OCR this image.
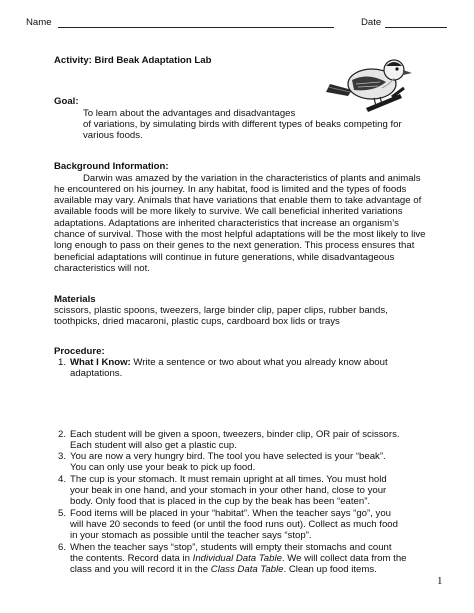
Name	Date
Activity: Bird Beak Adaptation Lab
Goal:
To learn about the advantages and disadvantages
of variations, by simulating birds with different types of beaks competing for
various foods.
Background Information:
Darwin was amazed by the variation in the characteristics of plants and animals
he encountered on his journey. In any habitat, food is limited and the types of foods
available may vary. Animals that have variations that enable them to take advantage of
available foods will be more likely to survive. We call beneficial inherited variations
adaptations. Adaptations are inherited characteristics that increase an organism’s
chance of survival. Those with the most helpful adaptations will be the most likely to live
long enough to pass on their genes to the next generation. This process ensures that
beneficial adaptations will continue in future generations, while disadvantageous
characteristics will not.
Materials
scissors, plastic spoons, tweezers, large binder clip, paper clips, rubber bands,
toothpicks, dried macaroni, plastic cups, cardboard box lids or trays
Procedure:
1. What I Know: Write a sentence or two about what you already know about
adaptations.
2. Each student will be given a spoon, tweezers, binder clip, OR pair of scissors.
Each student will also get a plastic cup.
3. You are now a very hungry bird. The tool you have selected is your “beak”.
You can only use your beak to pick up food.
4. The cup is your stomach. It must remain upright at all times. You must hold
your beak in one hand, and your stomach in your other hand, close to your
body. Only food that is placed in the cup by the beak has been “eaten”.
5. Food items will be placed in your “habitat”. When the teacher says “go”, you
will have 20 seconds to feed (or until the food runs out). Collect as much food
in your stomach as possible until the teacher says “stop”.
6. When the teacher says “stop”, students will empty their stomachs and count
the contents. Record data in Individual Data Table. We will collect data from the
class and you will record it in the Class Data Table. Clean up food items.
1
